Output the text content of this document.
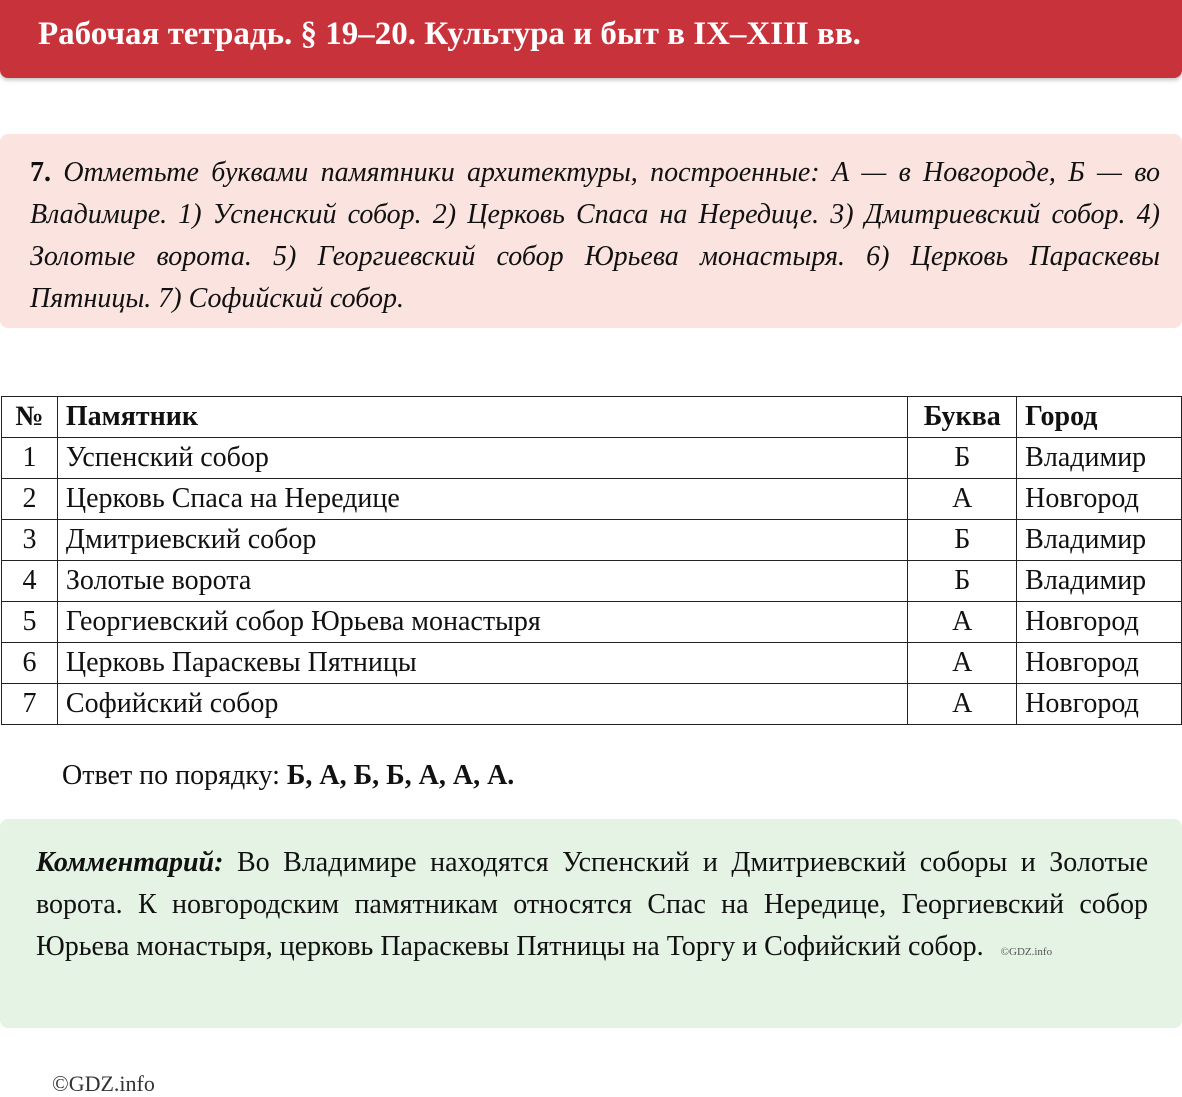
Рабочая тетрадь. § 19–20. Культура и быт в IX–XIII вв.
7. Отметьте буквами памятники архитектуры, построенные: А — в Новгороде, Б — во Владимире. 1) Успенский собор. 2) Церковь Спаса на Нередице. 3) Дмитриевский собор. 4) Золотые ворота. 5) Георгиевский собор Юрьева монастыря. 6) Церковь Параскевы Пятницы. 7) Софийский собор.
№	Памятник	Буква	Город
1	Успенский собор	Б	Владимир
2	Церковь Спаса на Нередице	А	Новгород
3	Дмитриевский собор	Б	Владимир
4	Золотые ворота	Б	Владимир
5	Георгиевский собор Юрьева монастыря	А	Новгород
6	Церковь Параскевы Пятницы	А	Новгород
7	Софийский собор	А	Новгород
Ответ по порядку: Б, А, Б, Б, А, А, А.
Комментарий: Во Владимире находятся Успенский и Дмитриевский соборы и Золотые ворота. К новгородским памятникам относятся Спас на Нередице, Георгиевский собор Юрьева монастыря, церковь Параскевы Пятницы на Торгу и Софийский собор. ©GDZ.info
©GDZ.info
